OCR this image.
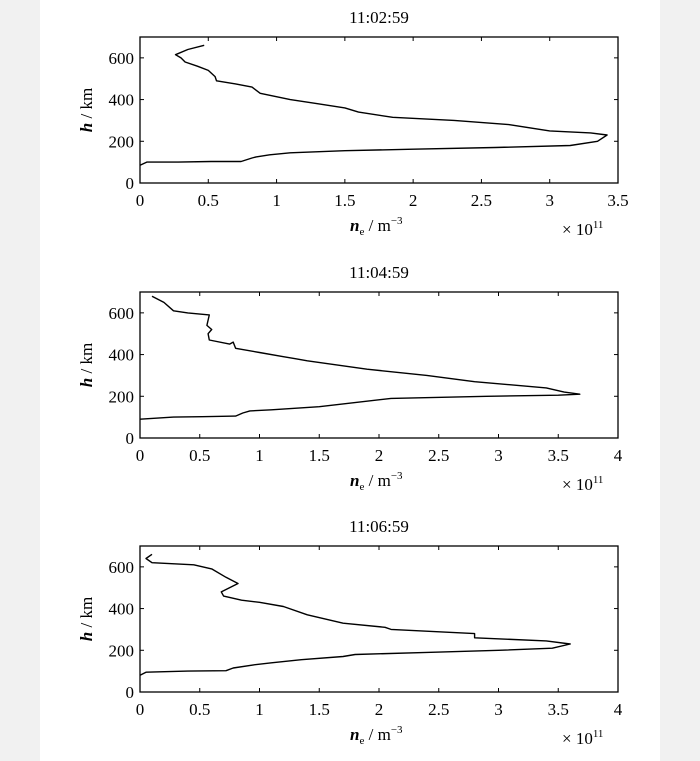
11:02:59
0	0.5	1	1.5	2	2.5	3	3.5
0
200
400
600
$n_e / m^{-3}$	× $10^{11}$
h / km
11:04:59
0	0.5	1	1.5	2	2.5	3	3.5	4
0
200
400
600
$n_e / m^{-3}$	× $10^{11}$
h / km
11:06:59
0	0.5	1	1.5	2	2.5	3	3.5	4
0
200
400
600
$n_e / m^{-3}$	× $10^{11}$
h / km
